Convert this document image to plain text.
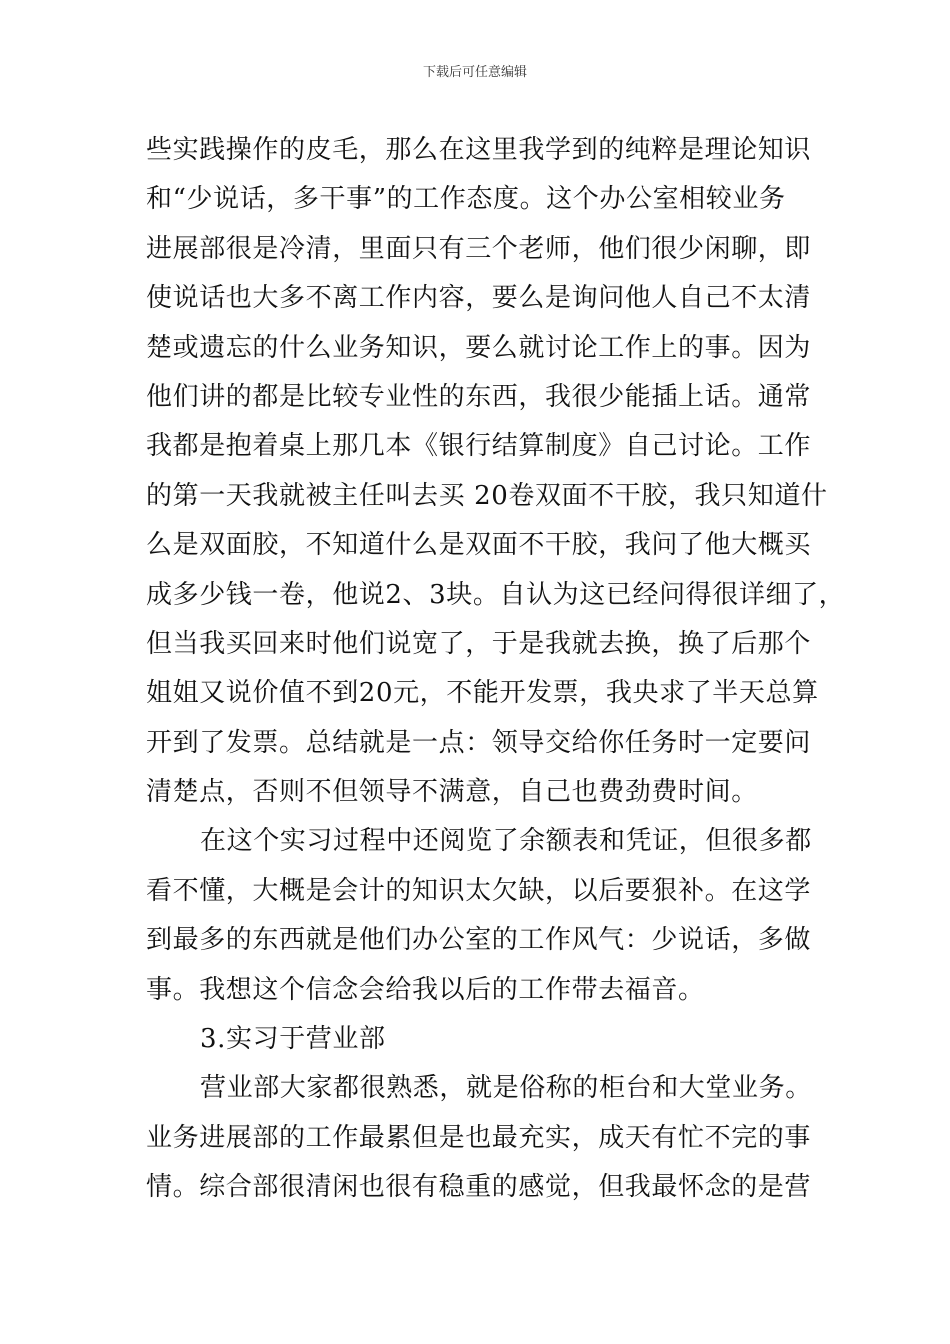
下载后可任意编辑
些实践操作的皮毛，那么在这里我学到的纯粹是理论知识
和“少说话，多干事”的工作态度。这个办公室相较业务
进展部很是冷清，里面只有三个老师，他们很少闲聊，即
使说话也大多不离工作内容，要么是询问他人自己不太清
楚或遗忘的什么业务知识，要么就讨论工作上的事。因为
他们讲的都是比较专业性的东西，我很少能插上话。通常
我都是抱着桌上那几本《银行结算制度》自己讨论。工作
的第一天我就被主任叫去买 20卷双面不干胶，我只知道什
么是双面胶，不知道什么是双面不干胶，我问了他大概买
成多少钱一卷，他说2、3块。自认为这已经问得很详细了，
但当我买回来时他们说宽了，于是我就去换，换了后那个
姐姐又说价值不到20元，不能开发票，我央求了半天总算
开到了发票。总结就是一点：领导交给你任务时一定要问
清楚点，否则不但领导不满意，自己也费劲费时间。
在这个实习过程中还阅览了余额表和凭证，但很多都
看不懂，大概是会计的知识太欠缺，以后要狠补。在这学
到最多的东西就是他们办公室的工作风气：少说话，多做
事。我想这个信念会给我以后的工作带去福音。
3.实习于营业部
营业部大家都很熟悉，就是俗称的柜台和大堂业务。
业务进展部的工作最累但是也最充实，成天有忙不完的事
情。综合部很清闲也很有稳重的感觉，但我最怀念的是营
